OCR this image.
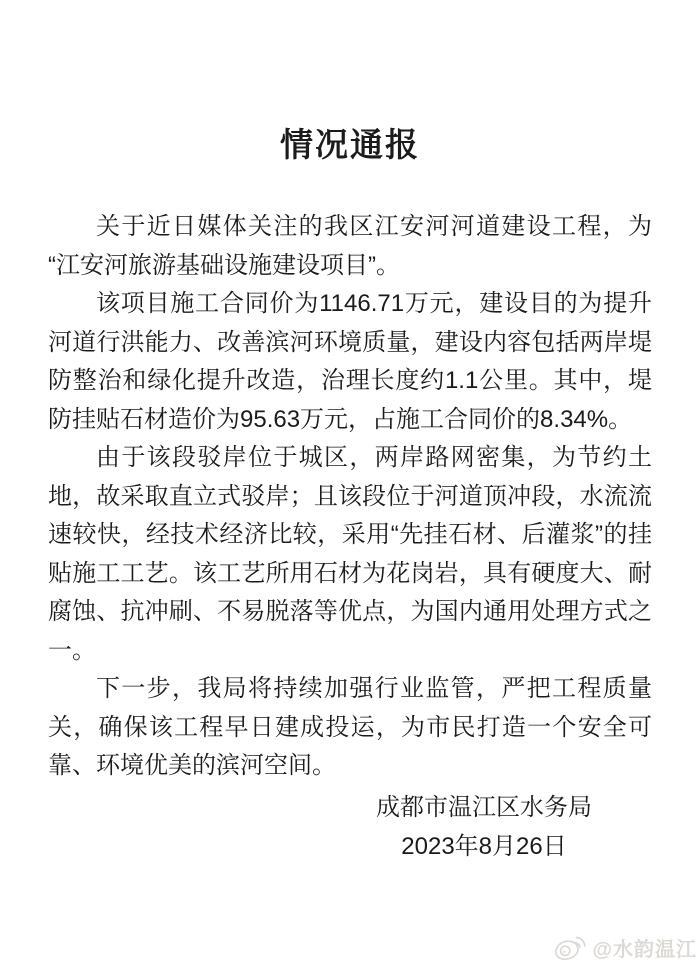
情况通报

关于近日媒体关注的我区江安河河道建设工程，为“江安河旅游基础设施建设项目”。

该项目施工合同价为1146.71万元，建设目的为提升河道行洪能力、改善滨河环境质量，建设内容包括两岸堤防整治和绿化提升改造，治理长度约1.1公里。其中，堤防挂贴石材造价为95.63万元，占施工合同价的8.34%。

由于该段驳岸位于城区，两岸路网密集，为节约土地，故采取直立式驳岸；且该段位于河道顶冲段，水流流速较快，经技术经济比较，采用“先挂石材、后灌浆”的挂贴施工工艺。该工艺所用石材为花岗岩，具有硬度大、耐腐蚀、抗冲刷、不易脱落等优点，为国内通用处理方式之一。

下一步，我局将持续加强行业监管，严把工程质量关，确保该工程早日建成投运，为市民打造一个安全可靠、环境优美的滨河空间。

成都市温江区水务局
2023年8月26日
@水韵温江
